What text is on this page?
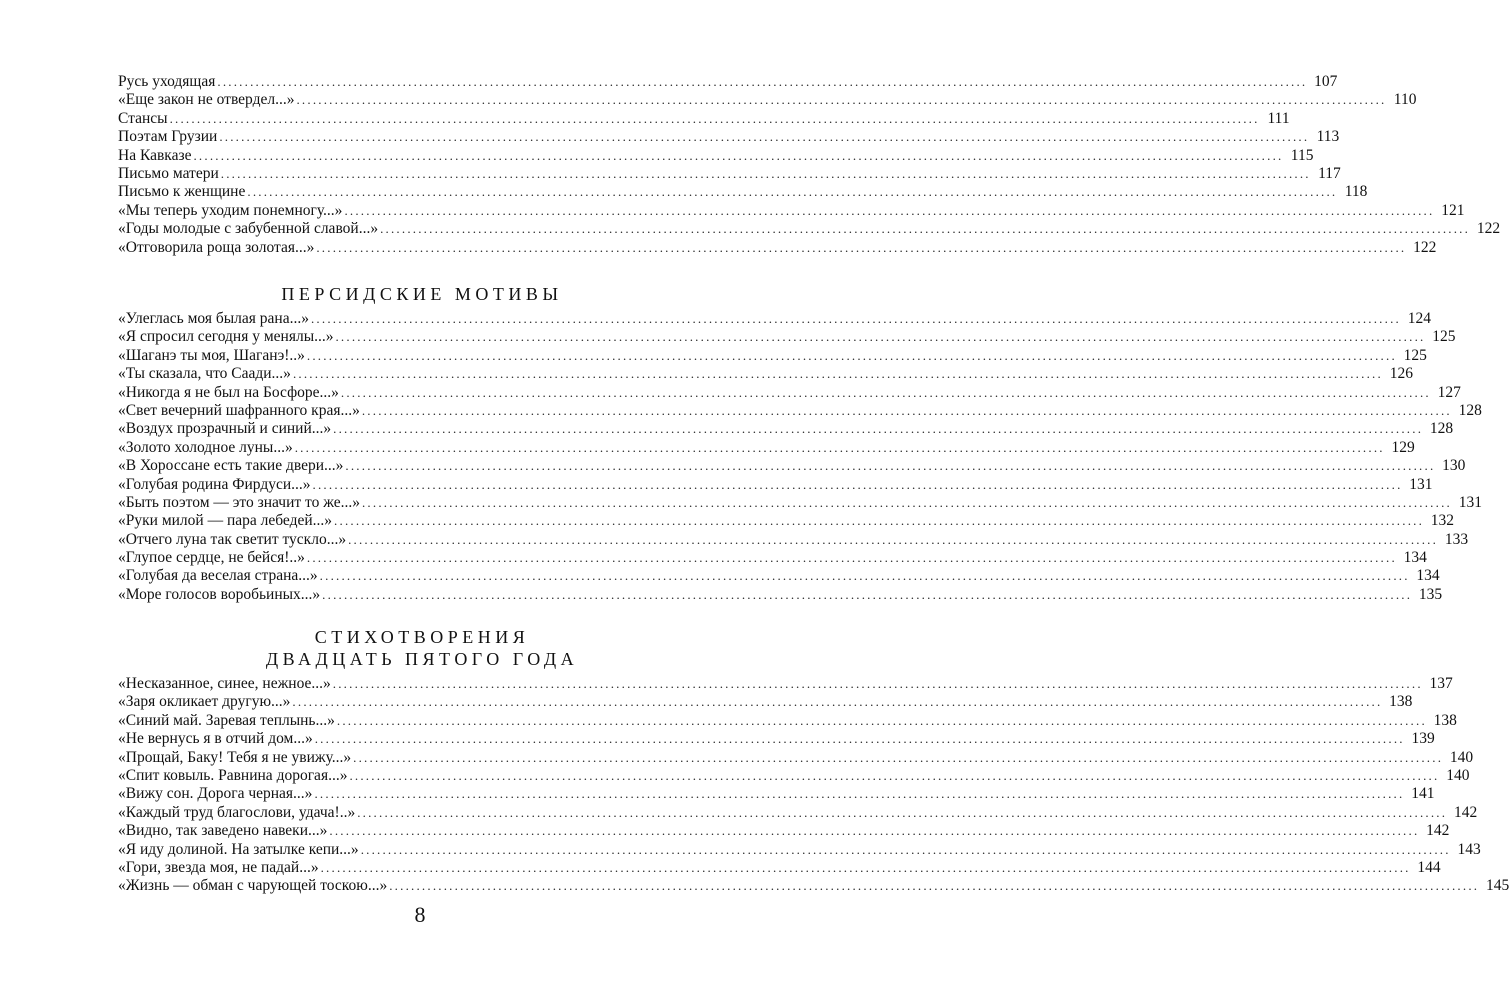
Русь уходящая ........................................................................................................................................................................................................ 107
«Еще закон не отвердел...» ........................................................................................................................................................................................................ 110
Стансы ........................................................................................................................................................................................................ 111
Поэтам Грузии ........................................................................................................................................................................................................ 113
На Кавказе ........................................................................................................................................................................................................ 115
Письмо матери ........................................................................................................................................................................................................ 117
Письмо к женщине ........................................................................................................................................................................................................ 118
«Мы теперь уходим понемногу...» ........................................................................................................................................................................................................ 121
«Годы молодые с забубенной славой...» ........................................................................................................................................................................................................ 122
«Отговорила роща золотая...» ........................................................................................................................................................................................................ 122
ПЕРСИДСКИЕ МОТИВЫ
«Улеглась моя былая рана...» ........................................................................................................................................................................................................ 124
«Я спросил сегодня у менялы...» ........................................................................................................................................................................................................ 125
«Шаганэ ты моя, Шаганэ!..» ........................................................................................................................................................................................................ 125
«Ты сказала, что Саади...» ........................................................................................................................................................................................................ 126
«Никогда я не был на Босфоре...» ........................................................................................................................................................................................................ 127
«Свет вечерний шафранного края...» ........................................................................................................................................................................................................ 128
«Воздух прозрачный и синий...» ........................................................................................................................................................................................................ 128
«Золото холодное луны...» ........................................................................................................................................................................................................ 129
«В Хороссане есть такие двери...» ........................................................................................................................................................................................................ 130
«Голубая родина Фирдуси...» ........................................................................................................................................................................................................ 131
«Быть поэтом — это значит то же...» ........................................................................................................................................................................................................ 131
«Руки милой — пара лебедей...» ........................................................................................................................................................................................................ 132
«Отчего луна так светит тускло...» ........................................................................................................................................................................................................ 133
«Глупое сердце, не бейся!..» ........................................................................................................................................................................................................ 134
«Голубая да веселая страна...» ........................................................................................................................................................................................................ 134
«Море голосов воробьиных...» ........................................................................................................................................................................................................ 135
СТИХОТВОРЕНИЯ
ДВАДЦАТЬ ПЯТОГО ГОДА
«Несказанное, синее, нежное...» ........................................................................................................................................................................................................ 137
«Заря окликает другую...» ........................................................................................................................................................................................................ 138
«Синий май. Заревая теплынь...» ........................................................................................................................................................................................................ 138
«Не вернусь я в отчий дом...» ........................................................................................................................................................................................................ 139
«Прощай, Баку! Тебя я не увижу...» ........................................................................................................................................................................................................ 140
«Спит ковыль. Равнина дорогая...» ........................................................................................................................................................................................................ 140
«Вижу сон. Дорога черная...» ........................................................................................................................................................................................................ 141
«Каждый труд благослови, удача!..» ........................................................................................................................................................................................................ 142
«Видно, так заведено навеки...» ........................................................................................................................................................................................................ 142
«Я иду долиной. На затылке кепи...» ........................................................................................................................................................................................................ 143
«Гори, звезда моя, не падай...» ........................................................................................................................................................................................................ 144
«Жизнь — обман с чарующей тоскою...» ........................................................................................................................................................................................................ 145
8
